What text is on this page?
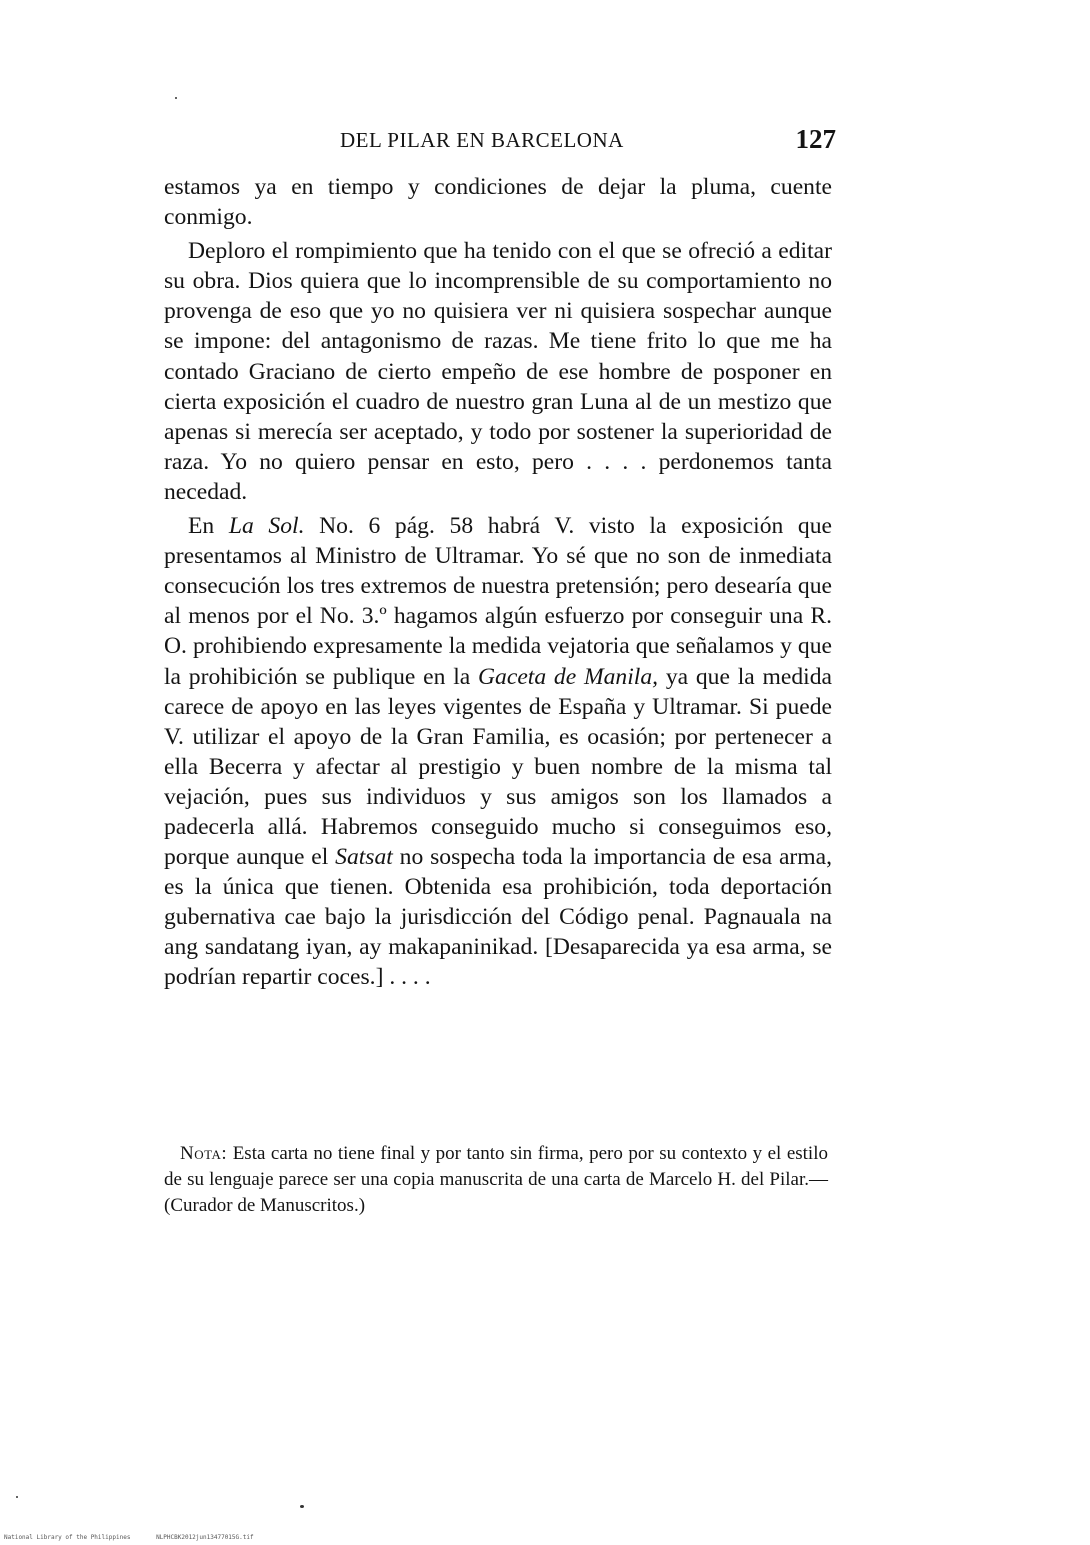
DEL PILAR EN BARCELONA	127

estamos ya en tiempo y condiciones de dejar la pluma, cuente conmigo.

Deploro el rompimiento que ha tenido con el que se ofreció a editar su obra. Dios quiera que lo incomprensible de su comportamiento no provenga de eso que yo no quisiera ver ni quisiera sospechar aunque se impone: del antagonismo de razas. Me tiene frito lo que me ha contado Graciano de cierto empeño de ese hombre de posponer en cierta exposición el cuadro de nuestro gran Luna al de un mestizo que apenas si merecía ser aceptado, y todo por sostener la superioridad de raza. Yo no quiero pensar en esto, pero . . . . perdonemos tanta necedad.

En La Sol. No. 6 pág. 58 habrá V. visto la exposición que presentamos al Ministro de Ultramar. Yo sé que no son de inmediata consecución los tres extremos de nuestra pretensión; pero desearía que al menos por el No. 3.º hagamos algún esfuerzo por conseguir una R. O. prohibiendo expresamente la medida vejatoria que señalamos y que la prohibición se publique en la Gaceta de Manila, ya que la medida carece de apoyo en las leyes vigentes de España y Ultramar. Si puede V. utilizar el apoyo de la Gran Familia, es ocasión; por pertenecer a ella Becerra y afectar al prestigio y buen nombre de la misma tal vejación, pues sus individuos y sus amigos son los llamados a padecerla allá. Habremos conseguido mucho si conseguimos eso, porque aunque el Satsat no sospecha toda la importancia de esa arma, es la única que tienen. Obtenida esa prohibición, toda deportación gubernativa cae bajo la jurisdicción del Código penal. Pagnauala na ang sandatang iyan, ay makapaninikad. [Desaparecida ya esa arma, se podrían repartir coces.] . . . .

Nota: Esta carta no tiene final y por tanto sin firma, pero por su contexto y el estilo de su lenguaje parece ser una copia manuscrita de una carta de Marcelo H. del Pilar.— (Curador de Manuscritos.)

National Library of the Philippines	NLPHCBK2012jun13477015G.tif
